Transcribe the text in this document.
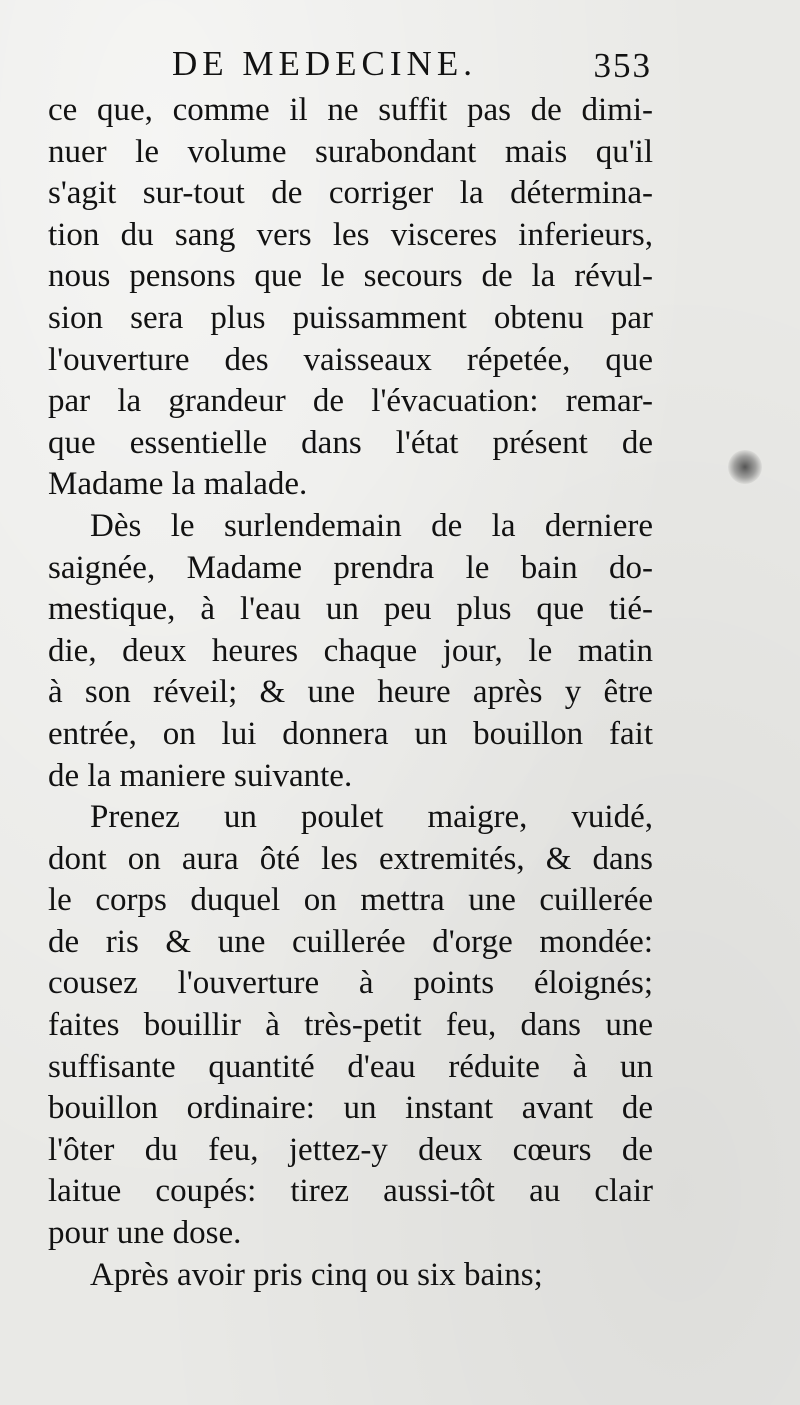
DE MEDECINE.	353
ce que, comme il ne suffit pas de dimi-
nuer le volume surabondant mais qu'il
s'agit sur-tout de corriger la détermina-
tion du sang vers les visceres inferieurs,
nous pensons que le secours de la révul-
sion sera plus puissamment obtenu par
l'ouverture des vaisseaux répetée, que
par la grandeur de l'évacuation: remar-
que essentielle dans l'état présent de
Madame la malade.
Dès le surlendemain de la derniere
saignée, Madame prendra le bain do-
mestique, à l'eau un peu plus que tié-
die, deux heures chaque jour, le matin
à son réveil; & une heure après y être
entrée, on lui donnera un bouillon fait
de la maniere suivante.
Prenez un poulet maigre, vuidé,
dont on aura ôté les extremités, & dans
le corps duquel on mettra une cuillerée
de ris & une cuillerée d'orge mondée:
cousez l'ouverture à points éloignés;
faites bouillir à très-petit feu, dans une
suffisante quantité d'eau réduite à un
bouillon ordinaire: un instant avant de
l'ôter du feu, jettez-y deux cœurs de
laitue coupés: tirez aussi-tôt au clair
pour une dose.
Après avoir pris cinq ou six bains;
